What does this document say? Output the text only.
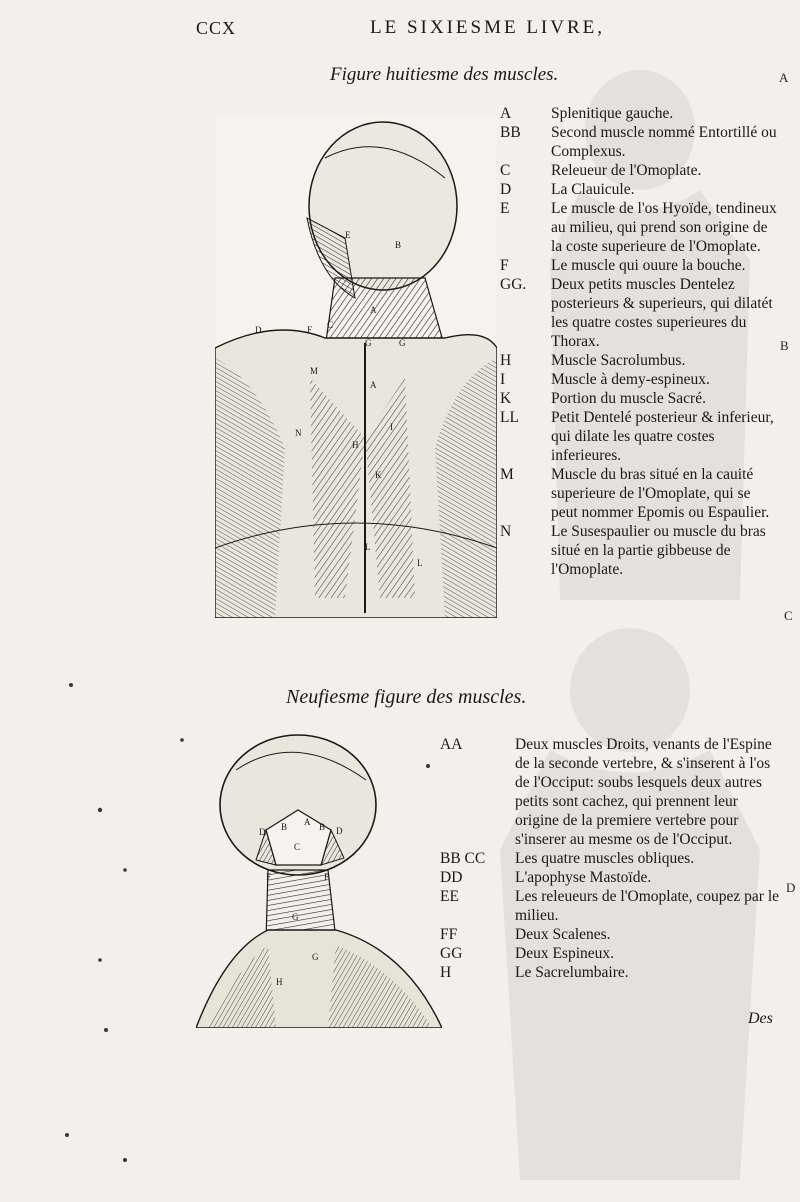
CCX	LE SIXIESME LIVRE,
A
B
C
D
Figure huitiesme des muscles.
B
E
F C
A
G	G
D
M
N
A
H
I
K
L
L
A	Splenitique gauche.
BB Second muscle nommé Entortillé ou Complexus.
C	Releueur de l'Omoplate.
D	La Clauicule.
E	Le muscle de l'os Hyoïde, tendineux au milieu, qui prend son origine de la coste superieure de l'Omoplate.
F	Le muscle qui ouure la bouche.
GG. Deux petits muscles Dentelez posterieurs & superieurs, qui dilatét les quatre costes superieures du Thorax.
H	Muscle Sacrolumbus.
I	Muscle à demy-espineux.
K	Portion du muscle Sacré.
LL Petit Dentelé posterieur & inferieur, qui dilate les quatre costes inferieures.
M Muscle du bras situé en la cauité superieure de l'Omoplate, qui se peut nommer Epomis ou Espaulier.
N	Le Susespaulier ou muscle du bras situé en la partie gibbeuse de l'Omoplate.
Neufiesme figure des muscles.
D B A B D
C
F	F
G
G
H
AA	Deux muscles Droits, venants de l'Espine de la seconde vertebre, & s'inserent à l'os de l'Occiput: soubs lesquels deux autres petits sont cachez, qui prennent leur origine de la premiere vertebre pour s'inserer au mesme os de l'Occiput.
BB CC Les quatre muscles obliques.
DD	L'apophyse Mastoïde.
EE	Les releueurs de l'Omoplate, coupez par le milieu.
FF	Deux Scalenes.
GG	Deux Espineux.
H	Le Sacrelumbaire.
Des
